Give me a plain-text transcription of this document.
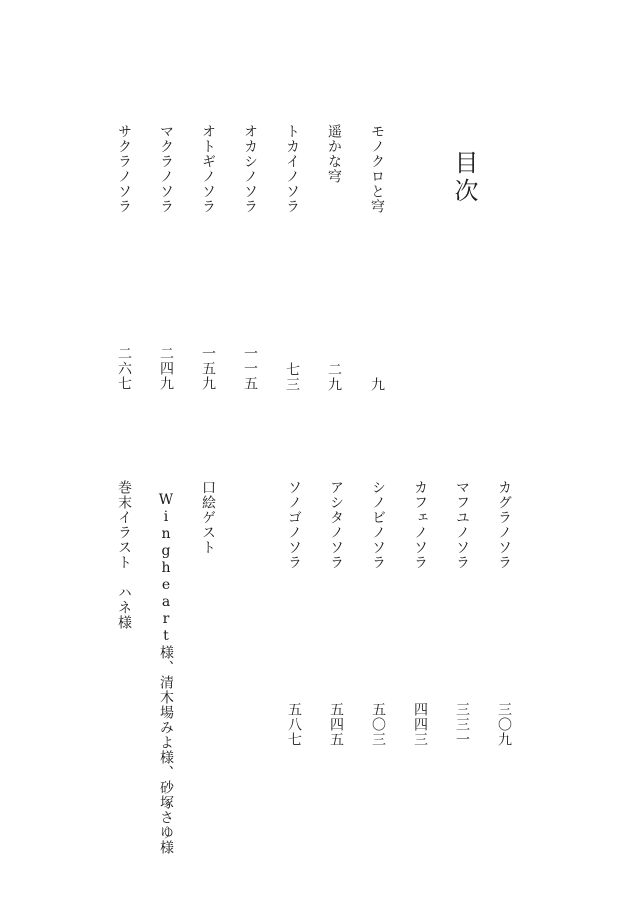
目次
モノクロと穹
九
遥かな穹
二九
トカイノソラ
七三
オカシノソラ
一一五
オトギノソラ
一五九
マクラノソラ
二四九
サクラノソラ
二六七
カグラノソラ
三〇九
マフユノソラ
三三一
カフェノソラ
四四三
シノビノソラ
五〇三
アシタノソラ
五四五
ソノゴノソラ
五八七
口絵ゲスト
Wingheart様、清木場みよ様、砂塚さゆ様
巻末イラスト　ハネ様
